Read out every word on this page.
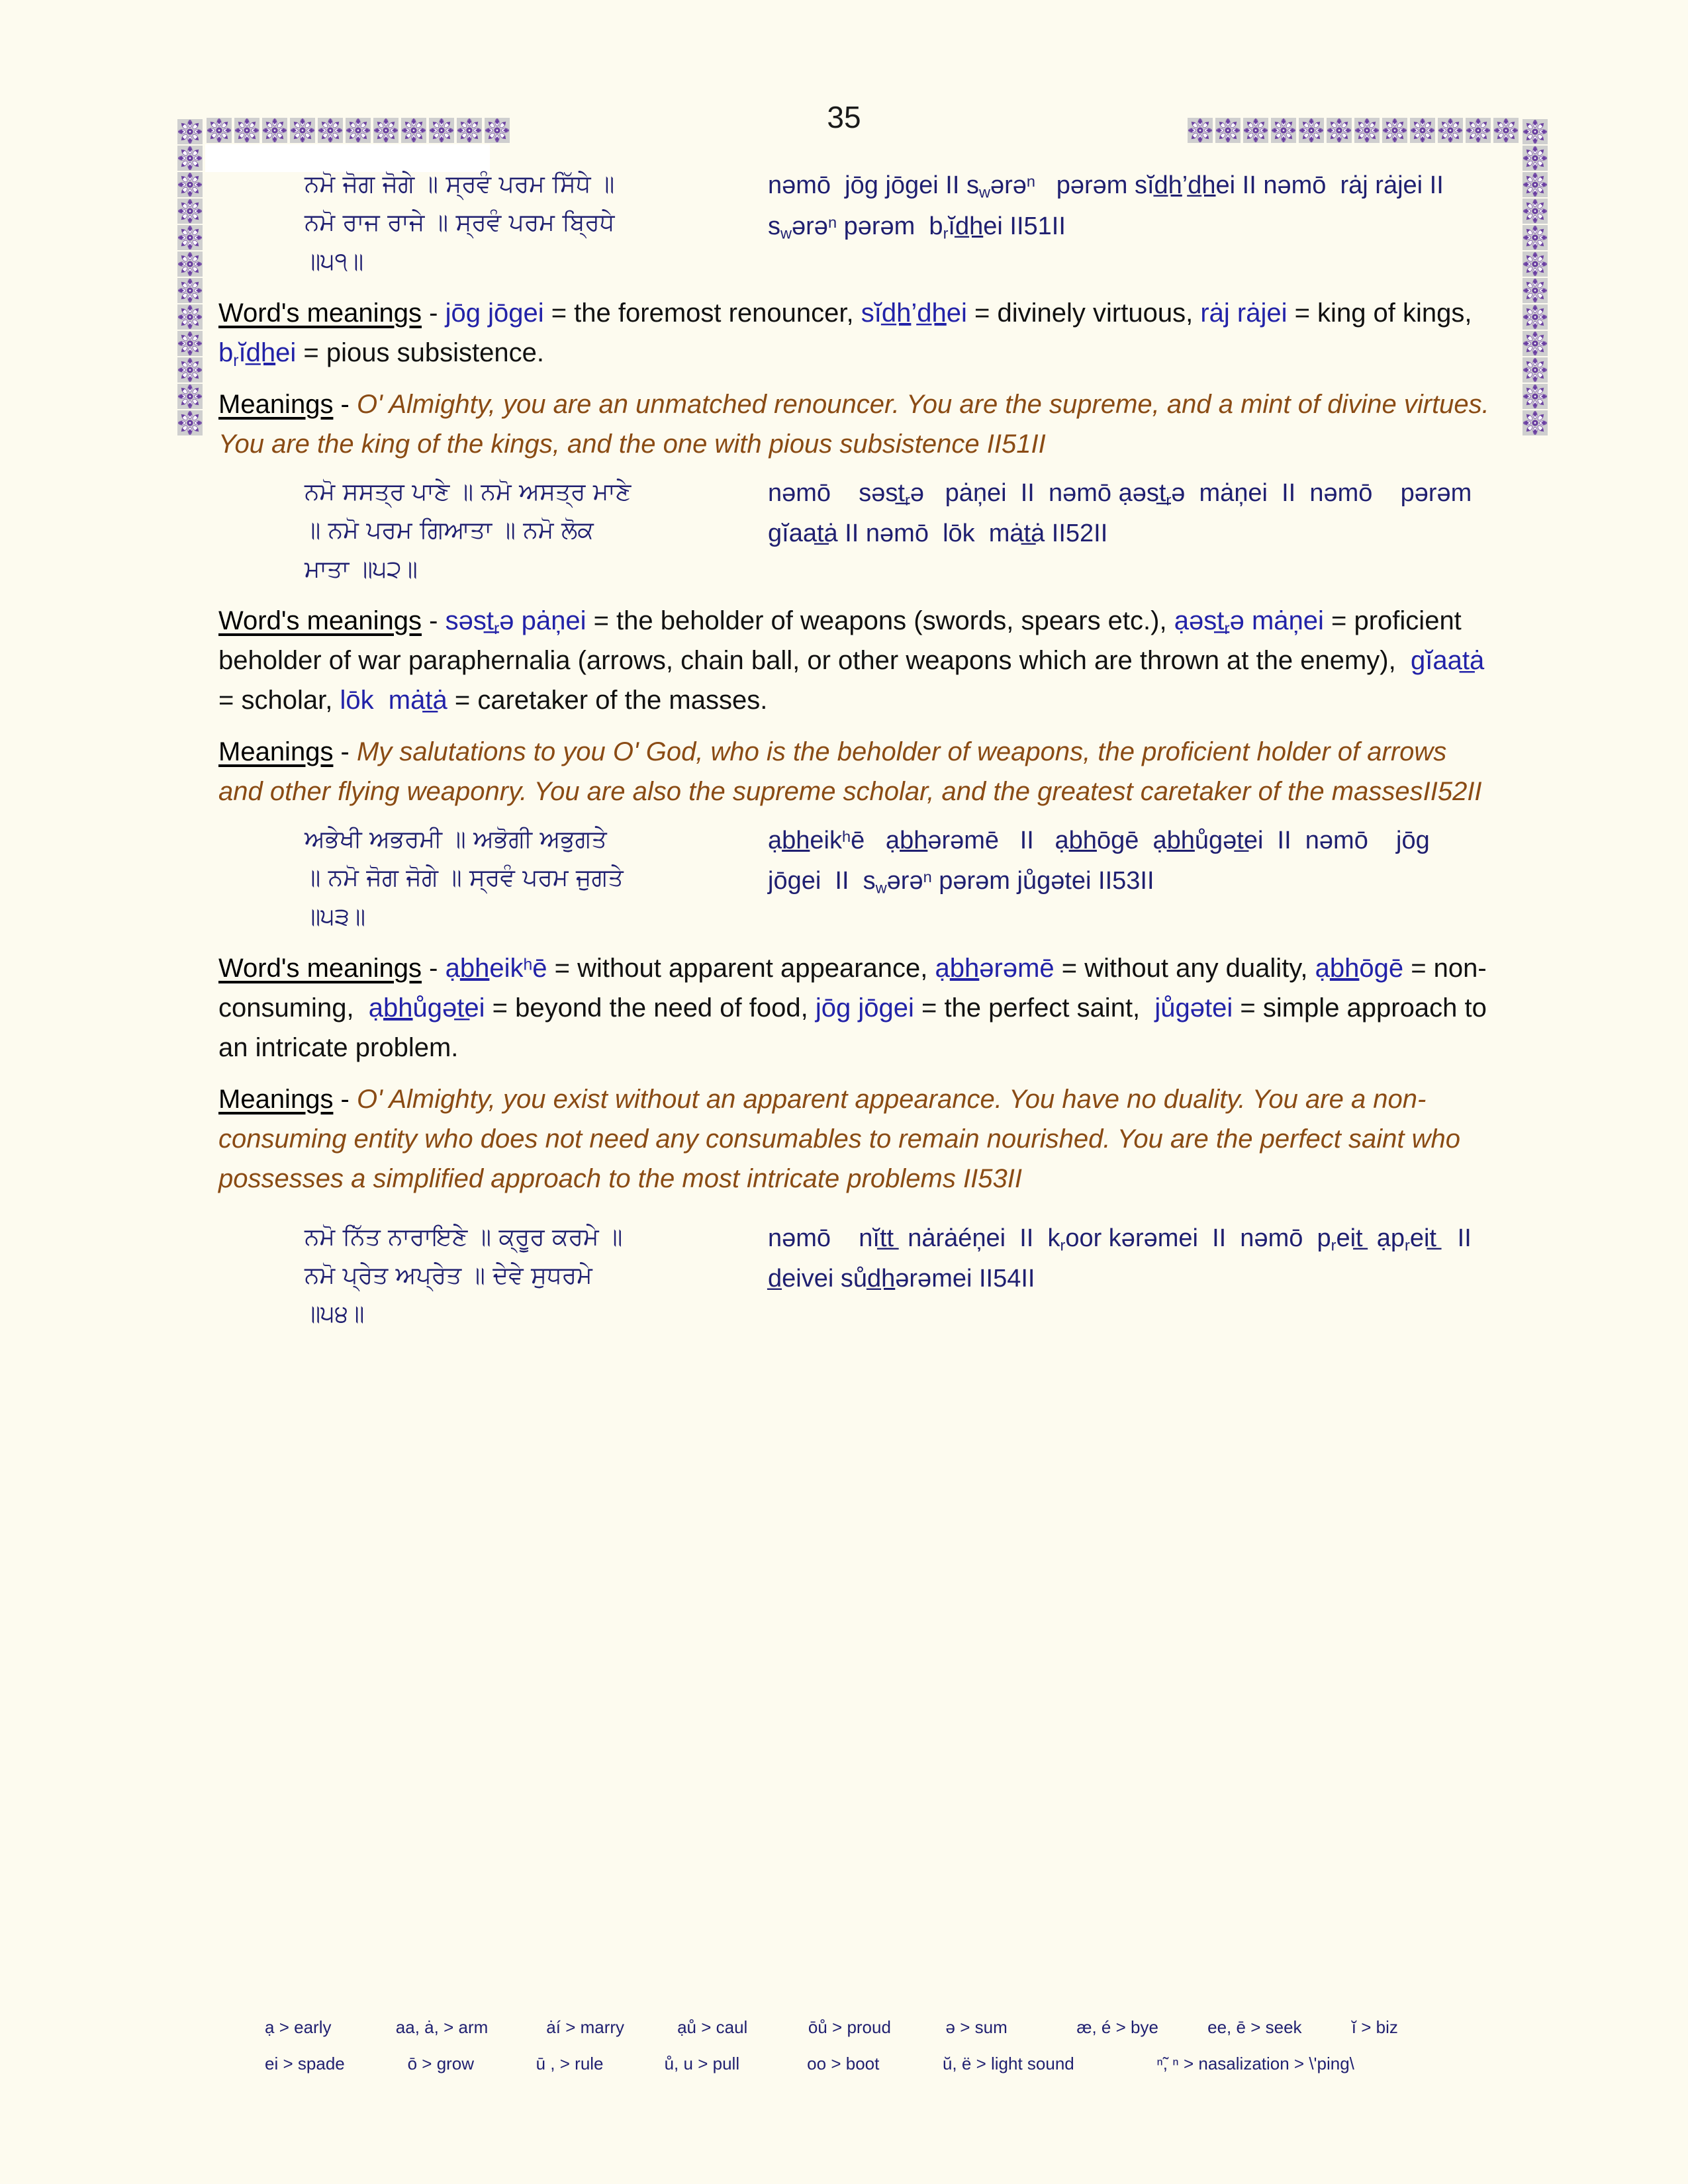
35
ਨਮੋ ਜੋਗ ਜੋਗੇ ॥ ਸ੍ਰਵੰ ਪਰਮ ਸਿੱਧੇ ॥
ਨਮੋ ਰਾਜ ਰਾਜੇ ॥ ਸ੍ਰਵੰ ਪਰਮ ਬ੍ਰਿਧੇ
॥੫੧॥
nəmō  jōg jōgei II $s_wərə^n$   pərəm sĭd̲h’d̲hei II nəmō  rȧj rȧjei II $s_wərə^n$ pərəm  $b_rĭd̲hei$ II51II
Word's meanings - jōg jōgei = the foremost renouncer, sĭd̲h’d̲hei = divinely virtuous, rȧj rȧjei = king of kings, $b_rĭd̲hei$ = pious subsistence.
Meanings - O' Almighty, you are an unmatched renouncer. You are the supreme, and a mint of divine virtues. You are the king of the kings, and the one with pious subsistence II51II
ਨਮੋ ਸਸਤ੍ਰ ਪਾਣੇ ॥ ਨਮੋ ਅਸਤ੍ਰ ਮਾਣੇ
॥ ਨਮੋ ਪਰਮ ਗਿਆਤਾ ॥ ਨਮੋ ਲੋਕ
ਮਾਤਾ ॥੫੨॥
nəmō    $səst̲_rə$   pȧņei  II  nəmō $ạəst̲_rə$  mȧņei  II  nəmō    pərəm gĭaat̲ȧ II nəmō  lōk  mȧt̲ȧ II52II
Word's meanings - $səst̲_rə$ pȧņei = the beholder of weapons (swords, spears etc.), $ạəst̲_rə$ mȧņei = proficient beholder of war paraphernalia (arrows, chain ball, or other weapons which are thrown at the enemy),  gĭaat̲ȧ = scholar, lōk  mȧt̲ȧ = caretaker of the masses.
Meanings - My salutations to you O' God, who is the beholder of weapons, the proficient holder of arrows and other flying weaponry. You are also the supreme scholar, and the greatest caretaker of the massesII52II
ਅਭੇਖੀ ਅਭਰਮੀ ॥ ਅਭੋਗੀ ਅਭੁਗਤੇ
॥ ਨਮੋ ਜੋਗ ਜੋਗੇ ॥ ਸ੍ਰਵੰ ਪਰਮ ਜੁਗਤੇ
॥੫੩॥
ạbheik$^h$ē   ạbhərəmē   II   ạbhōgē  ạbhůgət̲ei  II  nəmō    jōg  jōgei  II  $s_wərə^n$ pərəm jůgətei II53II
Word's meanings - ạbheik$^h$ē = without apparent appearance, ạbhərəmē = without any duality, ạbhōgē = non-consuming,  ạbhůgət̲ei = beyond the need of food, jōg jōgei = the perfect saint,  jůgətei = simple approach to an intricate problem.
Meanings - O' Almighty, you exist without an apparent appearance. You have no duality. You are a non-consuming entity who does not need any consumables to remain nourished. You are the perfect saint who possesses a simplified approach to the most intricate problems II53II
ਨਮੋ ਨਿੱਤ ਨਾਰਾਇਣੇ ॥ ਕ੍ਰੂਰ ਕਰਮੇ ॥
ਨਮੋ ਪ੍ਰੇਤ ਅਪ੍ਰੇਤ ॥ ਦੇਵੇ ਸੁਧਰਮੇ
॥੫੪॥
nəmō    nĭt̲t̲  nȧrȧéņei  II  $k_roor$ kərəmei  II  nəmō  $p_reit̲$  ạp$_r$eit̲   II d̲eivei sůd̲hərəmei II54II
ạ > early	aa, ȧ, > arm	ȧí > marry	ạů > caul	ōů > proud	ə > sum	æ, é > bye	ee, ē > seek	ĭ > biz
ei > spade	ō > grow	ū , > rule	ů, u > pull	oo > boot	ŭ, ë > light sound	ⁿ̃, ⁿ > nasalization > \'ping\
